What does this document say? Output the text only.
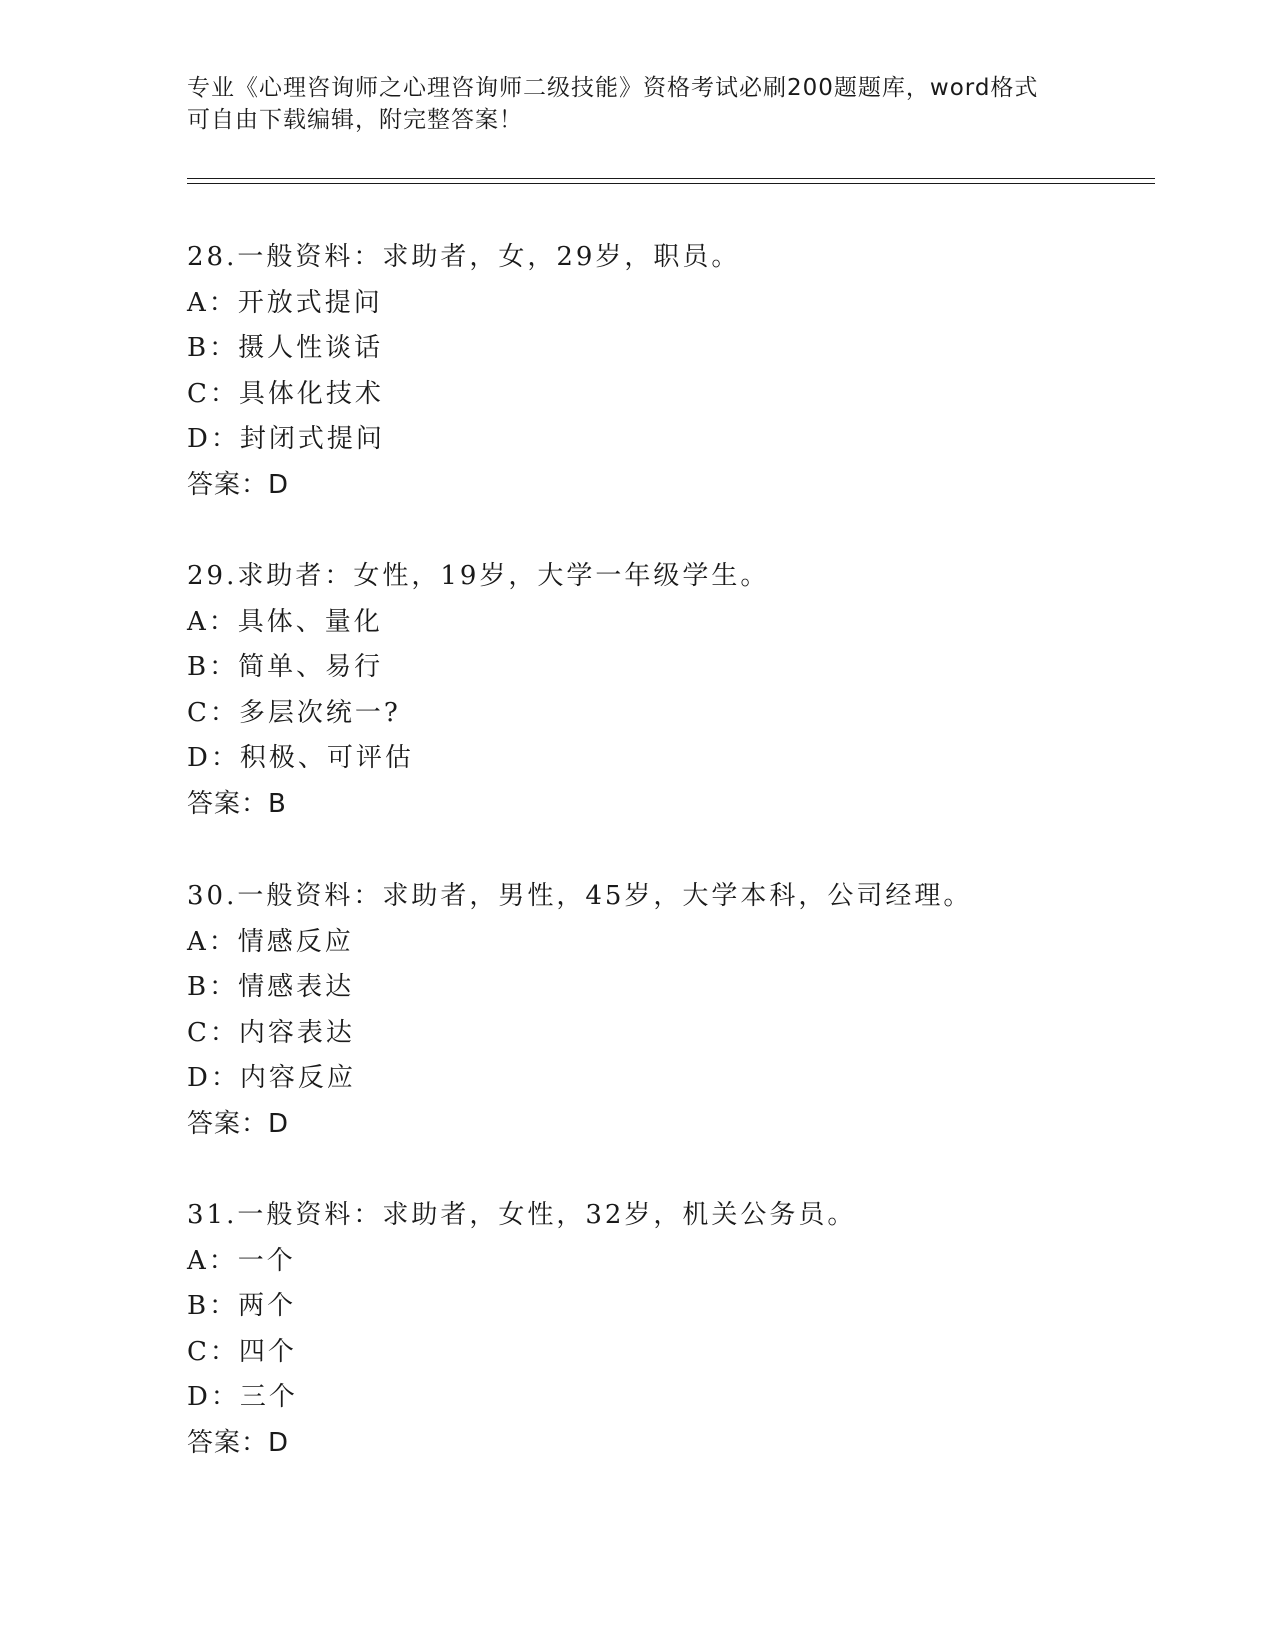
专业《心理咨询师之心理咨询师二级技能》资格考试必刷200题题库，word格式
可自由下载编辑，附完整答案！
28.一般资料：求助者，女，29岁，职员。
A：开放式提问
B：摄人性谈话
C：具体化技术
D：封闭式提问
答案：D
29.求助者：女性，19岁，大学一年级学生。
A：具体、量化
B：简单、易行
C：多层次统一?
D：积极、可评估
答案：B
30.一般资料：求助者，男性，45岁，大学本科，公司经理。
A：情感反应
B：情感表达
C：内容表达
D：内容反应
答案：D
31.一般资料：求助者，女性，32岁，机关公务员。
A：一个
B：两个
C：四个
D：三个
答案：D
